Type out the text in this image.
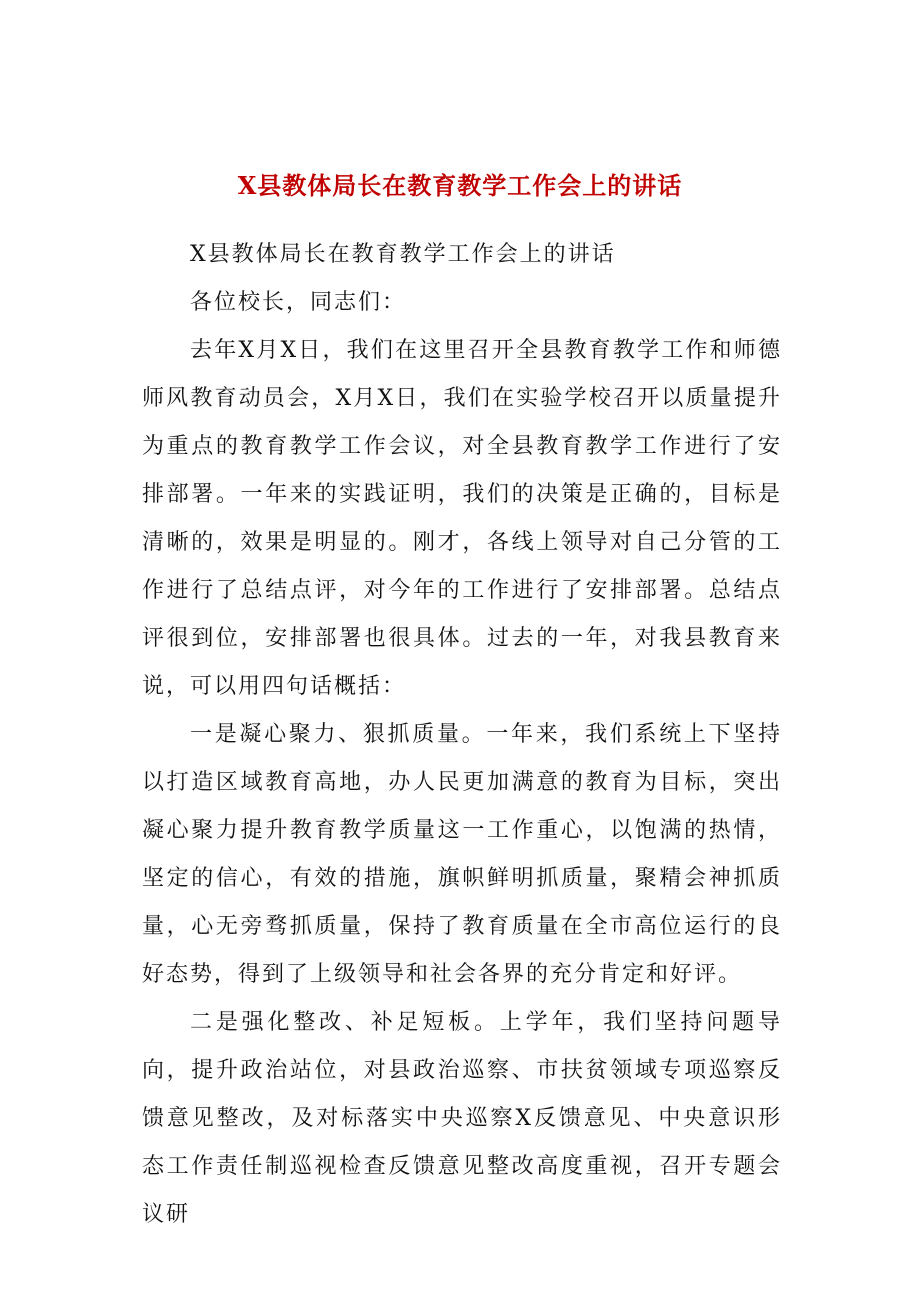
X县教体局长在教育教学工作会上的讲话

X县教体局长在教育教学工作会上的讲话

各位校长，同志们：

去年X月X日，我们在这里召开全县教育教学工作和师德师风教育动员会，X月X日，我们在实验学校召开以质量提升为重点的教育教学工作会议，对全县教育教学工作进行了安排部署。一年来的实践证明，我们的决策是正确的，目标是清晰的，效果是明显的。刚才，各线上领导对自己分管的工作进行了总结点评，对今年的工作进行了安排部署。总结点评很到位，安排部署也很具体。过去的一年，对我县教育来说，可以用四句话概括：

一是凝心聚力、狠抓质量。一年来，我们系统上下坚持以打造区域教育高地，办人民更加满意的教育为目标，突出凝心聚力提升教育教学质量这一工作重心，以饱满的热情，坚定的信心，有效的措施，旗帜鲜明抓质量，聚精会神抓质量，心无旁骛抓质量，保持了教育质量在全市高位运行的良好态势，得到了上级领导和社会各界的充分肯定和好评。

二是强化整改、补足短板。上学年，我们坚持问题导向，提升政治站位，对县政治巡察、市扶贫领域专项巡察反馈意见整改，及对标落实中央巡察X反馈意见、中央意识形态工作责任制巡视检查反馈意见整改高度重视，召开专题会议研
